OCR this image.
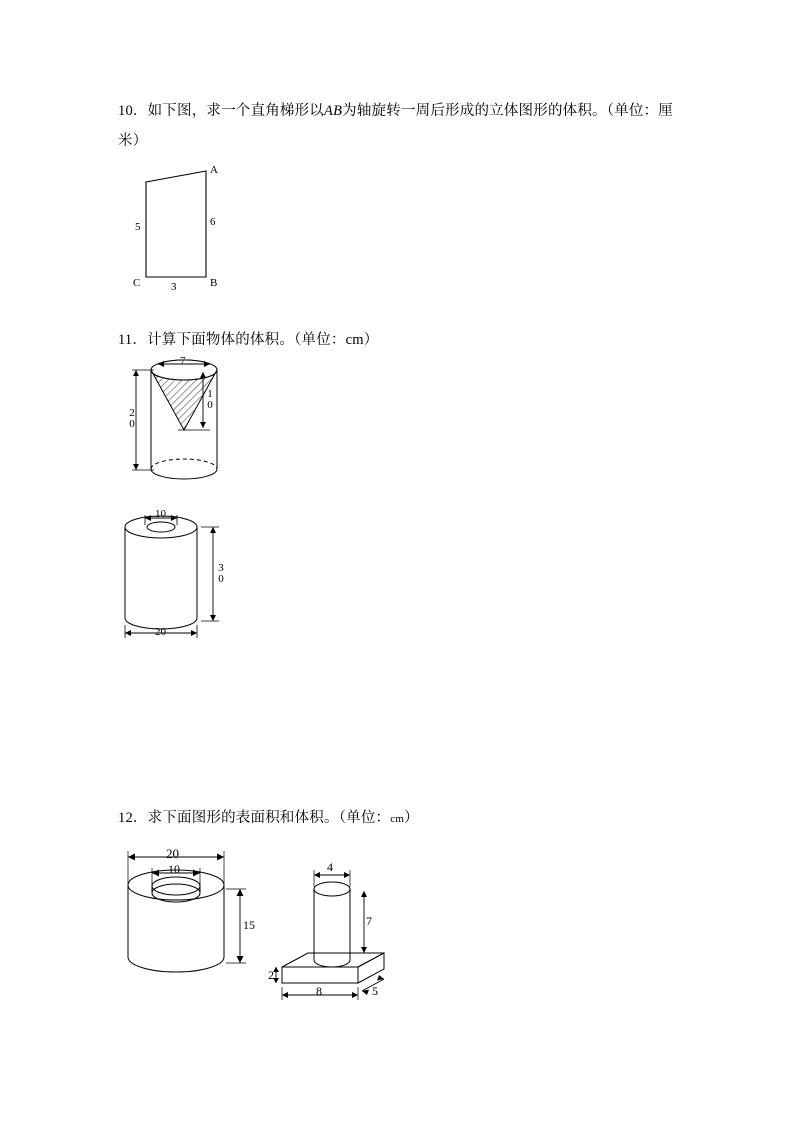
10．如下图，求一个直角梯形以AB为轴旋转一周后形成的立体图形的体积。（单位：厘米）
A
B
C
5	6
3
11．计算下面物体的体积。（单位：cm）
7
10
20
10
30
20
12．求下面图形的表面积和体积。（单位：cm）
20
10
15
4
7
2
8	5
